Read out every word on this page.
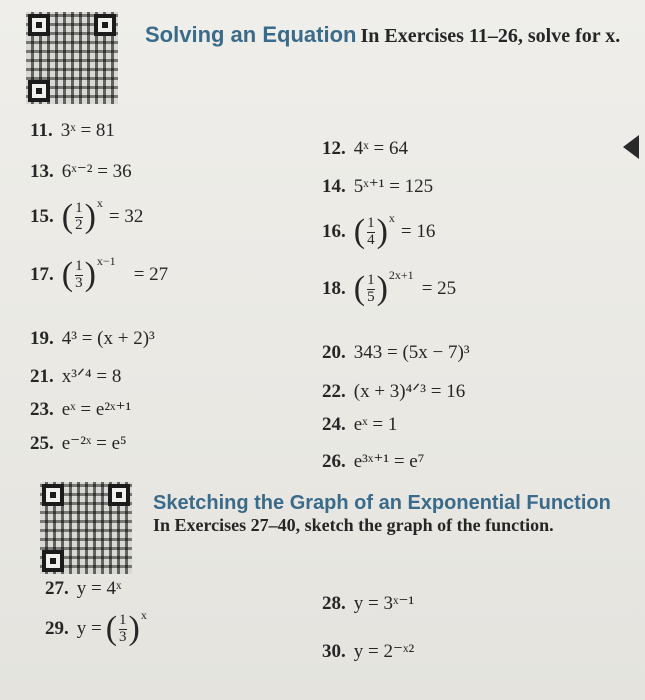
Solving an Equation In Exercises 11–26, solve for x.
11. 3ˣ = 81
13. 6ˣ⁻² = 36
15. ( $\frac{1}{2}$ ) x
= 32
17. ( $\frac{1}{3}$ ) x−1
= 27
19. 4³ = (x + 2)³
21. x³ᐟ⁴ = 8
23. eˣ = e²ˣ⁺¹
25. e⁻²ˣ = e⁵
12. 4ˣ = 64
14. 5ˣ⁺¹ = 125
16. ( $\frac{1}{4}$ ) x
= 16
18. ( $\frac{1}{5}$ ) 2x+1
= 25
20. 343 = (5x − 7)³
22. (x + 3)⁴ᐟ³ = 16
24. eˣ = 1
26. e³ˣ⁺¹ = e⁷
Sketching the Graph of an Exponential Function In Exercises 27–40, sketch the graph of the function.
27. y = 4ˣ
28. y = 3ˣ⁻¹
29. y = ( $\frac{1}{3}$ ) x
30. y = 2⁻ˣ²
